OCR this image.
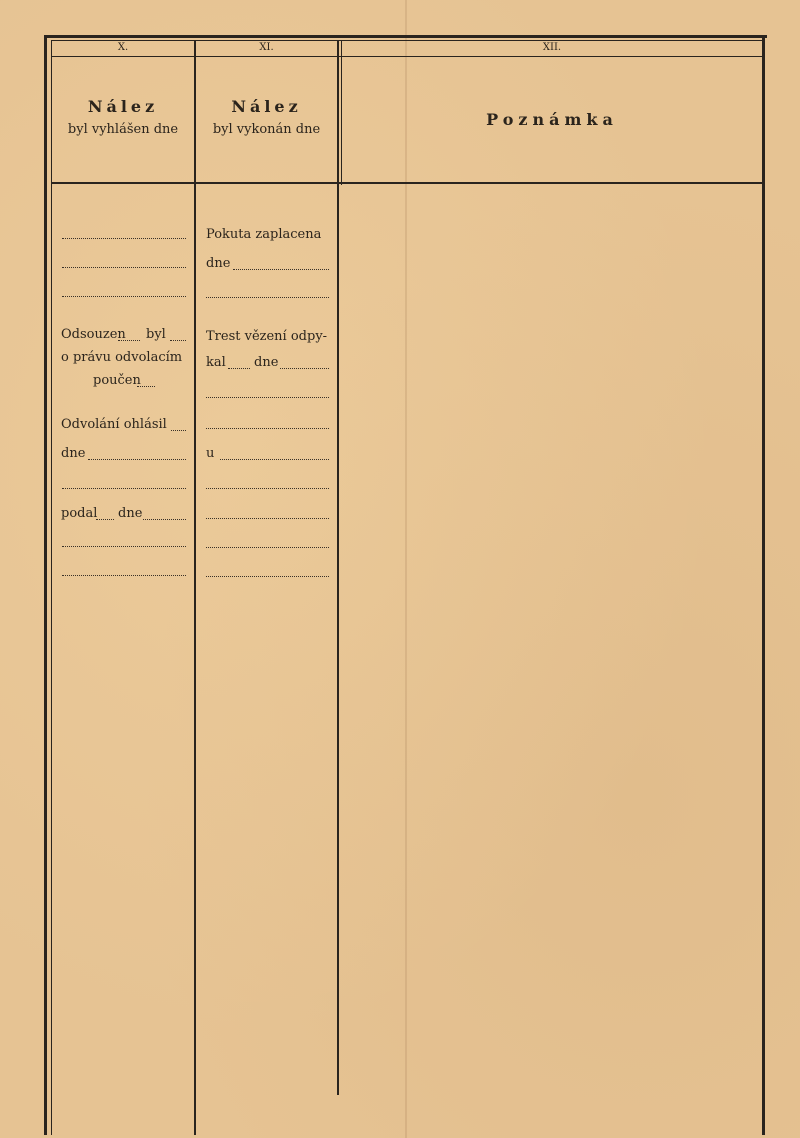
X.	XI.	XII.
Nález
byl vyhlášen dne
Nález
byl vykonán dne
Poznámka
Odsouzen byl
o právu odvolacím
poučen
Odvolání ohlásil
dne
podal dne
Pokuta zaplacena
dne
Trest vězení odpy-
kal dne
u
